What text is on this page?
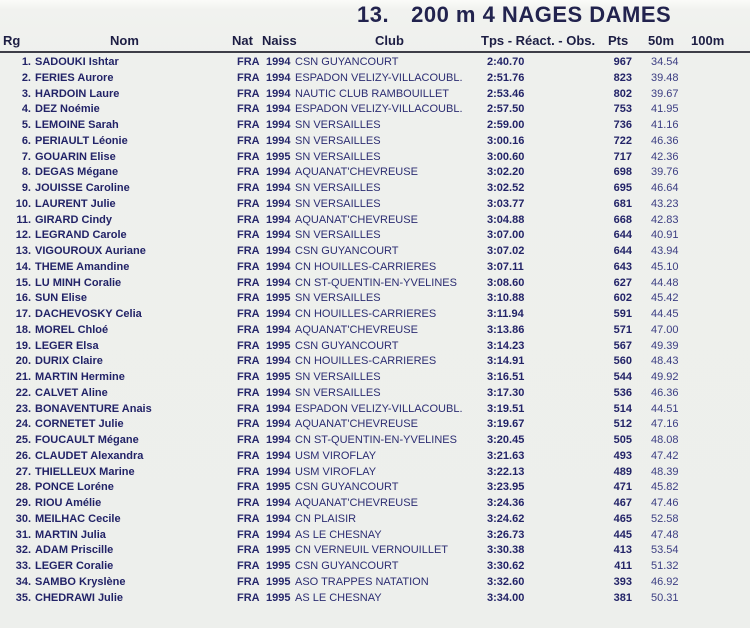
13. 200 m 4 NAGES DAMES
Rg	Nom	Nat Naiss	Club	Tps - Réact. - Obs. Pts 50m 100m
1. SADOUKI Ishtar	FRA 1994 CSN GUYANCOURT	2:40.70	967 34.54
2. FERIES Aurore	FRA 1994 ESPADON VELIZY-VILLACOUBL. 2:51.76	823 39.48
3. HARDOIN Laure	FRA 1994 NAUTIC CLUB RAMBOUILLET	2:53.46	802 39.67
4. DEZ Noémie	FRA 1994 ESPADON VELIZY-VILLACOUBL. 2:57.50	753 41.95
5. LEMOINE Sarah	FRA 1994 SN VERSAILLES	2:59.00	736 41.16
6. PERIAULT Léonie	FRA 1994 SN VERSAILLES	3:00.16	722 46.36
7. GOUARIN Elise	FRA 1995 SN VERSAILLES	3:00.60	717 42.36
8. DEGAS Mégane	FRA 1994 AQUANAT'CHEVREUSE	3:02.20	698 39.76
9. JOUISSE Caroline	FRA 1994 SN VERSAILLES	3:02.52	695 46.64
10. LAURENT Julie	FRA 1994 SN VERSAILLES	3:03.77	681 43.23
11. GIRARD Cindy	FRA 1994 AQUANAT'CHEVREUSE	3:04.88	668 42.83
12. LEGRAND Carole	FRA 1994 SN VERSAILLES	3:07.00	644 40.91
13. VIGOUROUX Auriane	FRA 1994 CSN GUYANCOURT	3:07.02	644 43.94
14. THEME Amandine	FRA 1994 CN HOUILLES-CARRIERES	3:07.11	643 45.10
15. LU MINH Coralie	FRA 1994 CN ST-QUENTIN-EN-YVELINES	3:08.60	627 44.48
16. SUN Elise	FRA 1995 SN VERSAILLES	3:10.88	602 45.42
17. DACHEVOSKY Celia	FRA 1994 CN HOUILLES-CARRIERES	3:11.94	591 44.45
18. MOREL Chloé	FRA 1994 AQUANAT'CHEVREUSE	3:13.86	571 47.00
19. LEGER Elsa	FRA 1995 CSN GUYANCOURT	3:14.23	567 49.39
20. DURIX Claire	FRA 1994 CN HOUILLES-CARRIERES	3:14.91	560 48.43
21. MARTIN Hermine	FRA 1995 SN VERSAILLES	3:16.51	544 49.92
22. CALVET Aline	FRA 1994 SN VERSAILLES	3:17.30	536 46.36
23. BONAVENTURE Anais	FRA 1994 ESPADON VELIZY-VILLACOUBL. 3:19.51	514 44.51
24. CORNETET Julie	FRA 1994 AQUANAT'CHEVREUSE	3:19.67	512 47.16
25. FOUCAULT Mégane	FRA 1994 CN ST-QUENTIN-EN-YVELINES	3:20.45	505 48.08
26. CLAUDET Alexandra	FRA 1994 USM VIROFLAY	3:21.63	493 47.42
27. THIELLEUX Marine	FRA 1994 USM VIROFLAY	3:22.13	489 48.39
28. PONCE Loréne	FRA 1995 CSN GUYANCOURT	3:23.95	471 45.82
29. RIOU Amélie	FRA 1994 AQUANAT'CHEVREUSE	3:24.36	467 47.46
30. MEILHAC Cecile	FRA 1994 CN PLAISIR	3:24.62	465 52.58
31. MARTIN Julia	FRA 1994 AS LE CHESNAY	3:26.73	445 47.48
32. ADAM Priscille	FRA 1995 CN VERNEUIL VERNOUILLET	3:30.38	413 53.54
33. LEGER Coralie	FRA 1995 CSN GUYANCOURT	3:30.62	411 51.32
34. SAMBO Kryslène	FRA 1995 ASO TRAPPES NATATION	3:32.60	393 46.92
35. CHEDRAWI Julie	FRA 1995 AS LE CHESNAY	3:34.00	381 50.31
